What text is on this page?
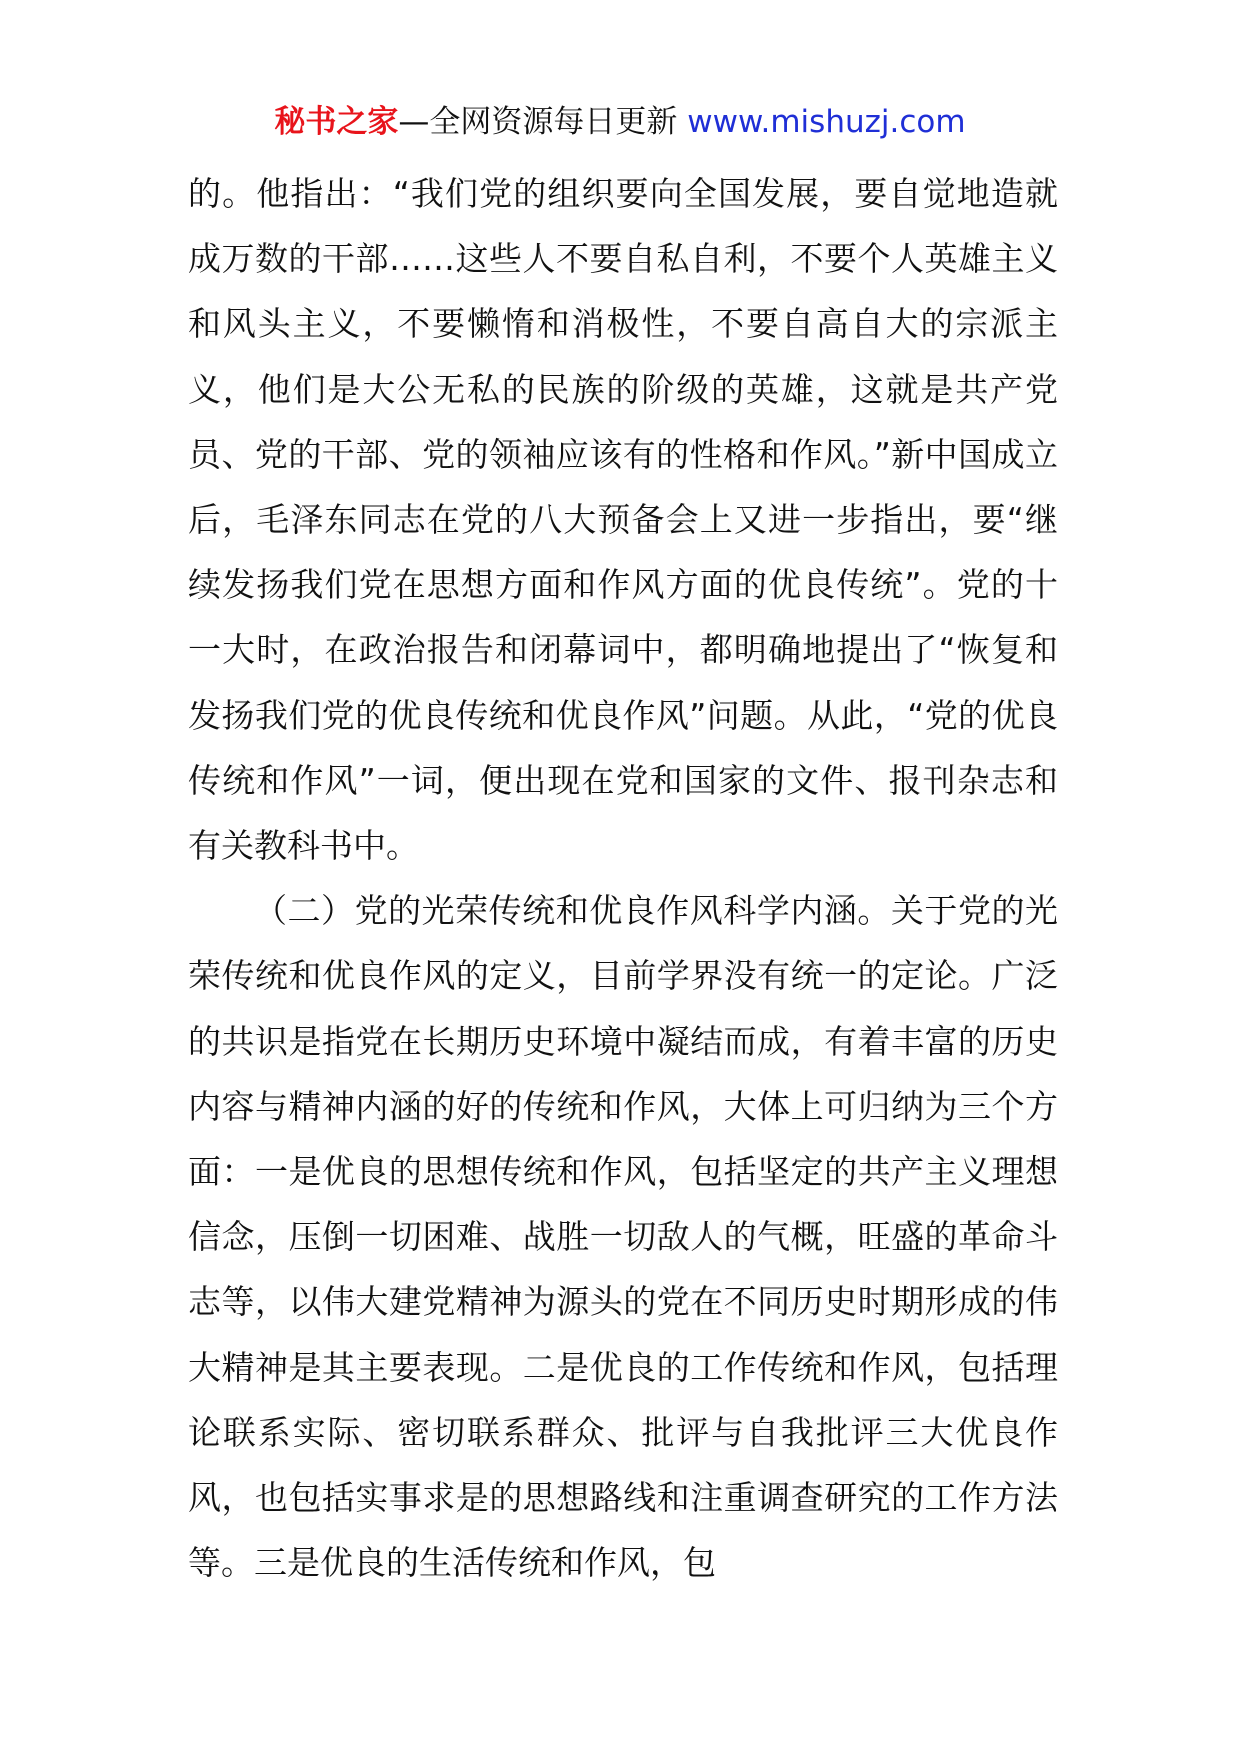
秘书之家—全网资源每日更新 www.mishuzj.com

的。他指出：“我们党的组织要向全国发展，要自觉地造就成万数的干部……这些人不要自私自利，不要个人英雄主义和风头主义，不要懒惰和消极性，不要自高自大的宗派主义，他们是大公无私的民族的阶级的英雄，这就是共产党员、党的干部、党的领袖应该有的性格和作风。”新中国成立后，毛泽东同志在党的八大预备会上又进一步指出，要“继续发扬我们党在思想方面和作风方面的优良传统”。党的十一大时，在政治报告和闭幕词中，都明确地提出了“恢复和发扬我们党的优良传统和优良作风”问题。从此，“党的优良传统和作风”一词，便出现在党和国家的文件、报刊杂志和有关教科书中。

（二）党的光荣传统和优良作风科学内涵。关于党的光荣传统和优良作风的定义，目前学界没有统一的定论。广泛的共识是指党在长期历史环境中凝结而成，有着丰富的历史内容与精神内涵的好的传统和作风，大体上可归纳为三个方面：一是优良的思想传统和作风，包括坚定的共产主义理想信念，压倒一切困难、战胜一切敌人的气概，旺盛的革命斗志等，以伟大建党精神为源头的党在不同历史时期形成的伟大精神是其主要表现。二是优良的工作传统和作风，包括理论联系实际、密切联系群众、批评与自我批评三大优良作风，也包括实事求是的思想路线和注重调查研究的工作方法等。三是优良的生活传统和作风，包
